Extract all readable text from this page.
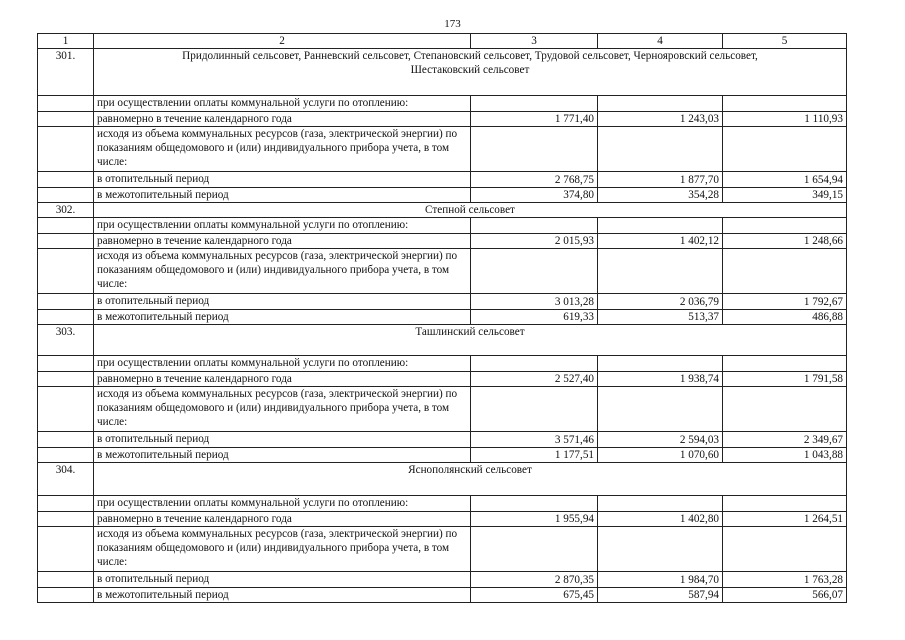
173
1	2	3	4	5
301.	Придолинный сельсовет, Ранневский сельсовет, Степановский сельсовет, Трудовой сельсовет, Чернояровский сельсовет, Шестаковский сельсовет			
	при осуществлении оплаты коммунальной услуги по отоплению:			
	равномерно в течение календарного года	1 771,40	1 243,03	1 110,93
	исходя из объема коммунальных ресурсов (газа, электрической энергии) по показаниям общедомового и (или) индивидуального прибора учета, в том числе:			
	в отопительный период	2 768,75	1 877,70	1 654,94
	в межотопительный период	374,80	354,28	349,15
302.	Степной сельсовет			
	при осуществлении оплаты коммунальной услуги по отоплению:			
	равномерно в течение календарного года	2 015,93	1 402,12	1 248,66
	исходя из объема коммунальных ресурсов (газа, электрической энергии) по показаниям общедомового и (или) индивидуального прибора учета, в том числе:			
	в отопительный период	3 013,28	2 036,79	1 792,67
	в межотопительный период	619,33	513,37	486,88
303.	Ташлинский сельсовет			
	при осуществлении оплаты коммунальной услуги по отоплению:			
	равномерно в течение календарного года	2 527,40	1 938,74	1 791,58
	исходя из объема коммунальных ресурсов (газа, электрической энергии) по показаниям общедомового и (или) индивидуального прибора учета, в том числе:			
	в отопительный период	3 571,46	2 594,03	2 349,67
	в межотопительный период	1 177,51	1 070,60	1 043,88
304.	Яснополянский сельсовет			
	при осуществлении оплаты коммунальной услуги по отоплению:			
	равномерно в течение календарного года	1 955,94	1 402,80	1 264,51
	исходя из объема коммунальных ресурсов (газа, электрической энергии) по показаниям общедомового и (или) индивидуального прибора учета, в том числе:			
	в отопительный период	2 870,35	1 984,70	1 763,28
	в межотопительный период	675,45	587,94	566,07
